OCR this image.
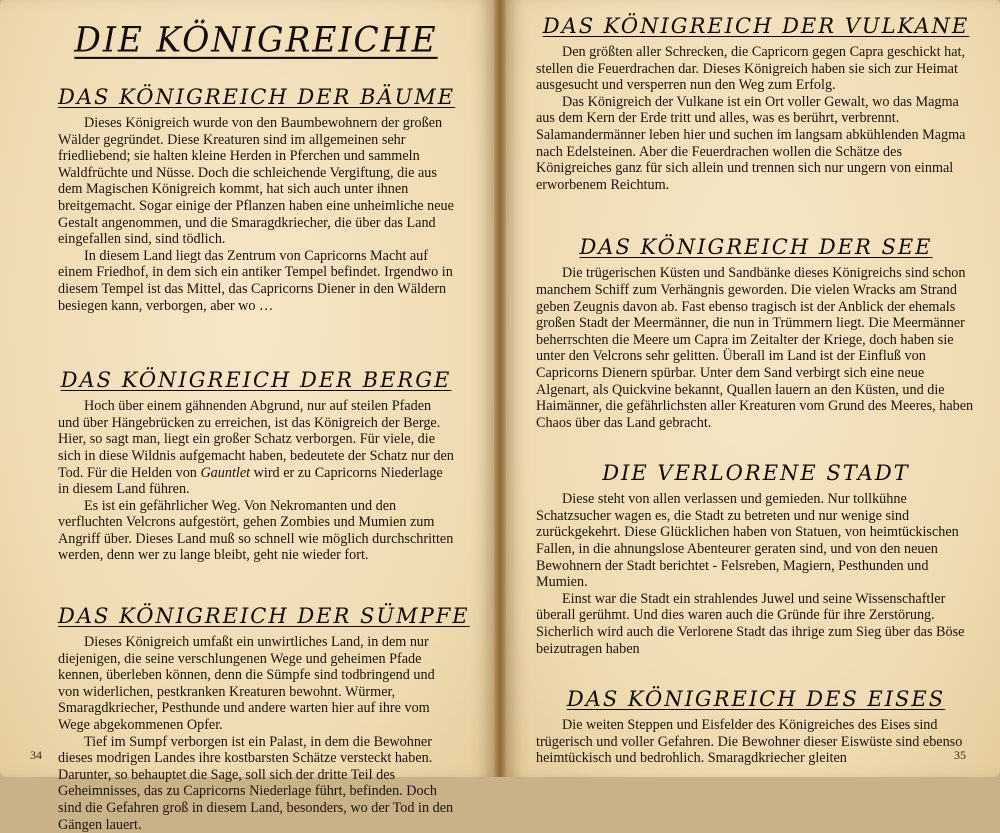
DIE KÖNIGREICHE
DAS KÖNIGREICH DER BÄUME

Dieses Königreich wurde von den Baumbewohnern der großen Wälder gegründet. Diese Kreaturen sind im allgemeinen sehr friedliebend; sie halten kleine Herden in Pferchen und sammeln Waldfrüchte und Nüsse. Doch die schleichende Vergiftung, die aus dem Magischen Königreich kommt, hat sich auch unter ihnen breitgemacht. Sogar einige der Pflanzen haben eine unheimliche neue Gestalt angenommen, und die Smaragdkriecher, die über das Land eingefallen sind, sind tödlich.

In diesem Land liegt das Zentrum von Capricorns Macht auf einem Friedhof, in dem sich ein antiker Tempel befindet. Irgendwo in diesem Tempel ist das Mittel, das Capricorns Diener in den Wäldern besiegen kann, verborgen, aber wo …

DAS KÖNIGREICH DER BERGE

Hoch über einem gähnenden Abgrund, nur auf steilen Pfaden und über Hängebrücken zu erreichen, ist das Königreich der Berge. Hier, so sagt man, liegt ein großer Schatz verborgen. Für viele, die sich in diese Wildnis aufgemacht haben, bedeutete der Schatz nur den Tod. Für die Helden von Gauntlet wird er zu Capricorns Niederlage in diesem Land führen.

Es ist ein gefährlicher Weg. Von Nekromanten und den verfluchten Velcrons aufgestört, gehen Zombies und Mumien zum Angriff über. Dieses Land muß so schnell wie möglich durchschritten werden, denn wer zu lange bleibt, geht nie wieder fort.

DAS KÖNIGREICH DER SÜMPFE

Dieses Königreich umfaßt ein unwirtliches Land, in dem nur diejenigen, die seine verschlungenen Wege und geheimen Pfade kennen, überleben können, denn die Sümpfe sind todbringend und von widerlichen, pestkranken Kreaturen bewohnt. Würmer, Smaragdkriecher, Pesthunde und andere warten hier auf ihre vom Wege abgekommenen Opfer.

Tief im Sumpf verborgen ist ein Palast, in dem die Bewohner dieses modrigen Landes ihre kostbarsten Schätze versteckt haben. Darunter, so behauptet die Sage, soll sich der dritte Teil des Geheimnisses, das zu Capricorns Niederlage führt, befinden. Doch sind die Gefahren groß in diesem Land, besonders, wo der Tod in den Gängen lauert.

34
DAS KÖNIGREICH DER VULKANE

Den größten aller Schrecken, die Capricorn gegen Capra geschickt hat, stellen die Feuerdrachen dar. Dieses Königreich haben sie sich zur Heimat ausgesucht und versperren nun den Weg zum Erfolg.

Das Königreich der Vulkane ist ein Ort voller Gewalt, wo das Magma aus dem Kern der Erde tritt und alles, was es berührt, verbrennt. Salamandermänner leben hier und suchen im langsam abkühlenden Magma nach Edelsteinen. Aber die Feuerdrachen wollen die Schätze des Königreiches ganz für sich allein und trennen sich nur ungern von einmal erworbenem Reichtum.

DAS KÖNIGREICH DER SEE

Die trügerischen Küsten und Sandbänke dieses Königreichs sind schon manchem Schiff zum Verhängnis geworden. Die vielen Wracks am Strand geben Zeugnis davon ab. Fast ebenso tragisch ist der Anblick der ehemals großen Stadt der Meermänner, die nun in Trümmern liegt. Die Meermänner beherrschten die Meere um Capra im Zeitalter der Kriege, doch haben sie unter den Velcrons sehr gelitten. Überall im Land ist der Einfluß von Capricorns Dienern spürbar. Unter dem Sand verbirgt sich eine neue Algenart, als Quickvine bekannt, Quallen lauern an den Küsten, und die Haimänner, die gefährlichsten aller Kreaturen vom Grund des Meeres, haben Chaos über das Land gebracht.

DIE VERLORENE STADT

Diese steht von allen verlassen und gemieden. Nur tollkühne Schatzsucher wagen es, die Stadt zu betreten und nur wenige sind zurückgekehrt. Diese Glücklichen haben von Statuen, von heimtückischen Fallen, in die ahnungslose Abenteurer geraten sind, und von den neuen Bewohnern der Stadt berichtet - Felsreben, Magiern, Pesthunden und Mumien.

Einst war die Stadt ein strahlendes Juwel und seine Wissenschaftler überall gerühmt. Und dies waren auch die Gründe für ihre Zerstörung. Sicherlich wird auch die Verlorene Stadt das ihrige zum Sieg über das Böse beizutragen haben

DAS KÖNIGREICH DES EISES

Die weiten Steppen und Eisfelder des Königreiches des Eises sind trügerisch und voller Gefahren. Die Bewohner dieser Eiswüste sind ebenso heimtückisch und bedrohlich. Smaragdkriecher gleiten	35
